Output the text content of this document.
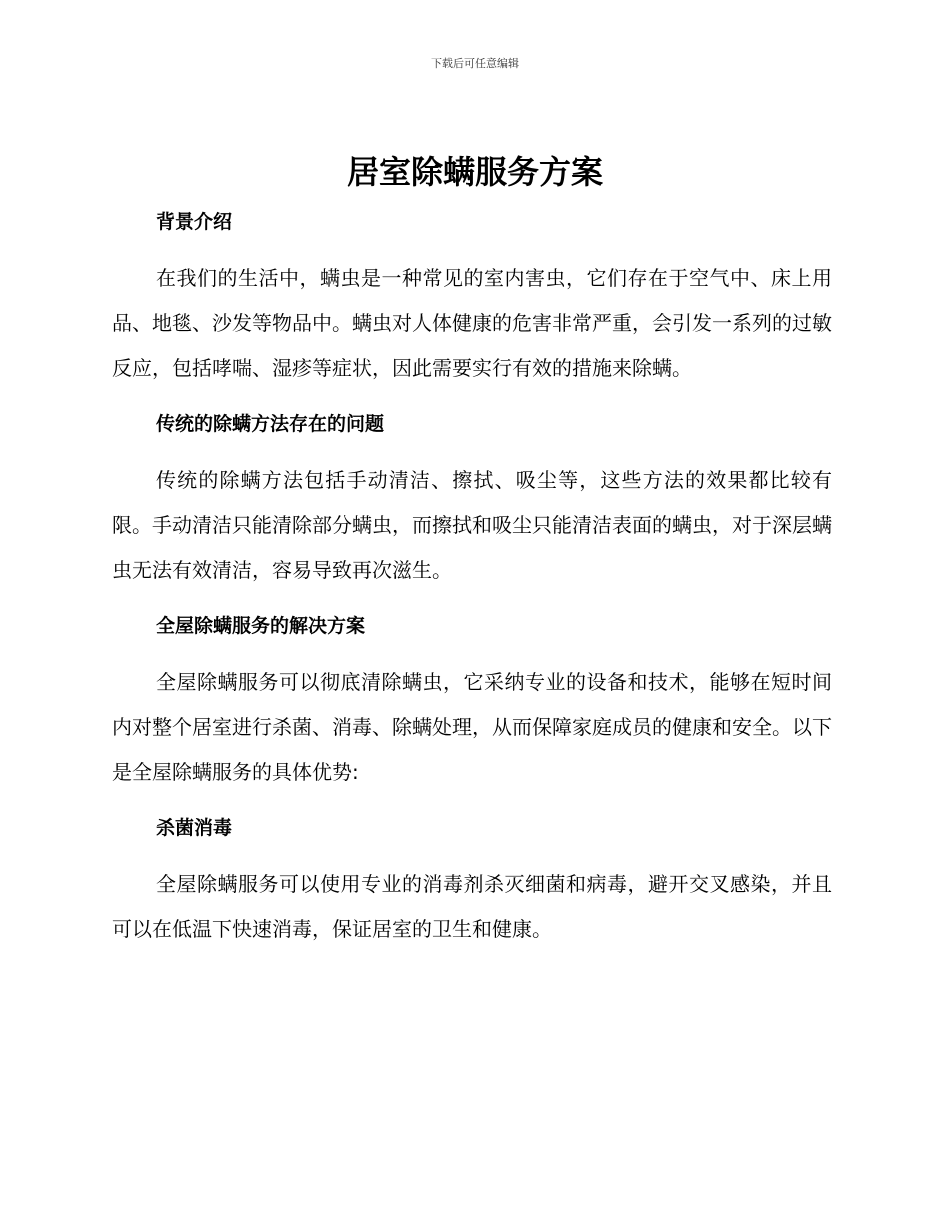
下载后可任意编辑
居室除螨服务方案
背景介绍

在我们的生活中，螨虫是一种常见的室内害虫，它们存在于空气中、床上用品、地毯、沙发等物品中。螨虫对人体健康的危害非常严重，会引发一系列的过敏反应，包括哮喘、湿疹等症状，因此需要实行有效的措施来除螨。

传统的除螨方法存在的问题

传统的除螨方法包括手动清洁、擦拭、吸尘等，这些方法的效果都比较有限。手动清洁只能清除部分螨虫，而擦拭和吸尘只能清洁表面的螨虫，对于深层螨虫无法有效清洁，容易导致再次滋生。

全屋除螨服务的解决方案

全屋除螨服务可以彻底清除螨虫，它采纳专业的设备和技术，能够在短时间内对整个居室进行杀菌、消毒、除螨处理，从而保障家庭成员的健康和安全。以下是全屋除螨服务的具体优势:

杀菌消毒

全屋除螨服务可以使用专业的消毒剂杀灭细菌和病毒，避开交叉感染，并且可以在低温下快速消毒，保证居室的卫生和健康。
